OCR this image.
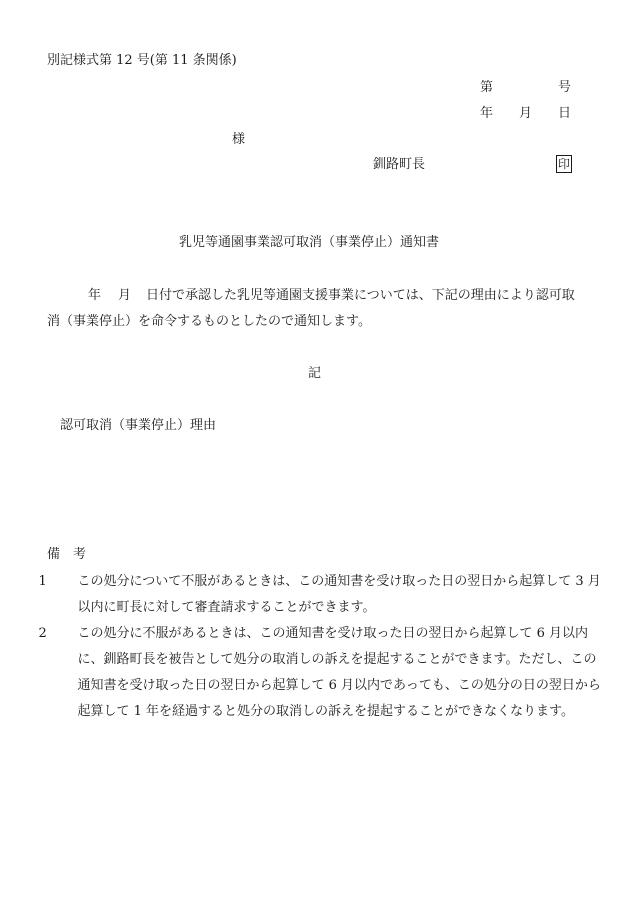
別記様式第 12 号(第 11 条関係)
第	号
年 月 日
様
釧路町長	印
乳児等通園事業認可取消（事業停止）通知書
年 月 日付で承認した乳児等通園支援事業については、下記の理由により認可取
消（事業停止）を命令するものとしたので通知します。
記
認可取消（事業停止）理由
備　考
1 この処分について不服があるときは、この通知書を受け取った日の翌日から起算して 3 月以内に町長に対して審査請求することができます。
2 この処分に不服があるときは、この通知書を受け取った日の翌日から起算して 6 月以内に、釧路町長を被告として処分の取消しの訴えを提起することができます。ただし、この通知書を受け取った日の翌日から起算して 6 月以内であっても、この処分の日の翌日から起算して 1 年を経過すると処分の取消しの訴えを提起することができなくなります。
